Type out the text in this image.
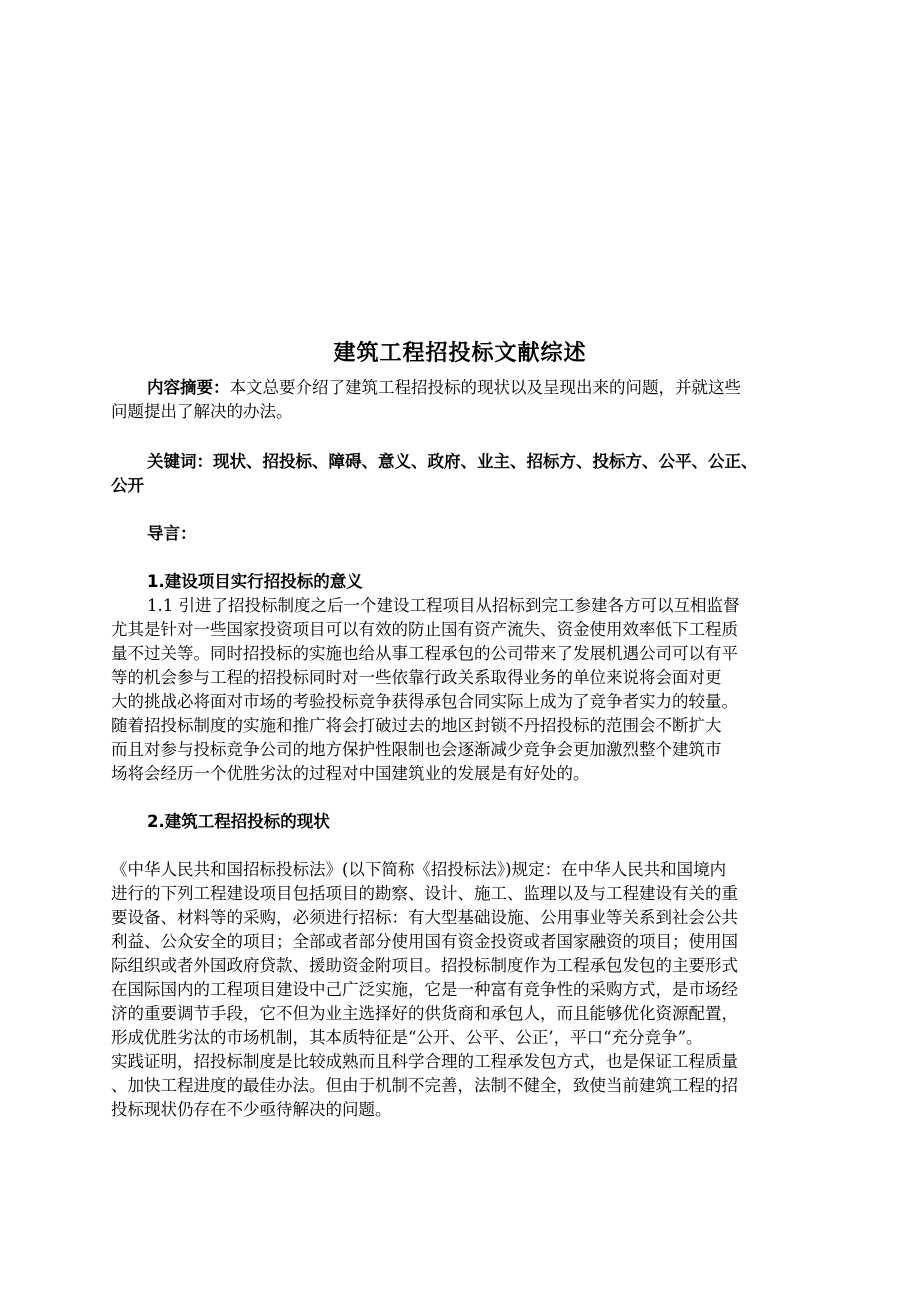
建筑工程招投标文献综述
内容摘要：本文总要介绍了建筑工程招投标的现状以及呈现出来的问题，并就这些
问题提出了解决的办法。
关键词：现状、招投标、障碍、意义、政府、业主、招标方、投标方、公平、公正、
公开
导言：
1.建设项目实行招投标的意义
1.1 引进了招投标制度之后一个建设工程项目从招标到完工参建各方可以互相监督
尤其是针对一些国家投资项目可以有效的防止国有资产流失、资金使用效率低下工程质
量不过关等。同时招投标的实施也给从事工程承包的公司带来了发展机遇公司可以有平
等的机会参与工程的招投标同时对一些依靠行政关系取得业务的单位来说将会面对更
大的挑战必将面对市场的考验投标竞争获得承包合同实际上成为了竞争者实力的较量。
随着招投标制度的实施和推广将会打破过去的地区封锁不丹招投标的范围会不断扩大
而且对参与投标竞争公司的地方保护性限制也会逐渐减少竞争会更加激烈整个建筑市
场将会经历一个优胜劣汰的过程对中国建筑业的发展是有好处的。
2.建筑工程招投标的现状
《中华人民共和国招标投标法》(以下简称《招投标法》)规定：在中华人民共和国境内
进行的下列工程建设项目包括项目的勘察、设计、施工、监理以及与工程建设有关的重
要设备、材料等的采购，必须进行招标：有大型基础设施、公用事业等关系到社会公共
利益、公众安全的项目；全部或者部分使用国有资金投资或者国家融资的项目；使用国
际组织或者外国政府贷款、援助资金附项目。招投标制度作为工程承包发包的主要形式
在国际国内的工程项目建设中己广泛实施，它是一种富有竞争性的采购方式，是市场经
济的重要调节手段，它不但为业主选择好的供货商和承包人，而且能够优化资源配置，
形成优胜劣汰的市场机制，其本质特征是“公开、公平、公正’，平口“充分竞争”。
实践证明，招投标制度是比较成熟而且科学合理的工程承发包方式，也是保证工程质量
、加快工程进度的最佳办法。但由于机制不完善，法制不健全，致使当前建筑工程的招
投标现状仍存在不少亟待解决的问题。
